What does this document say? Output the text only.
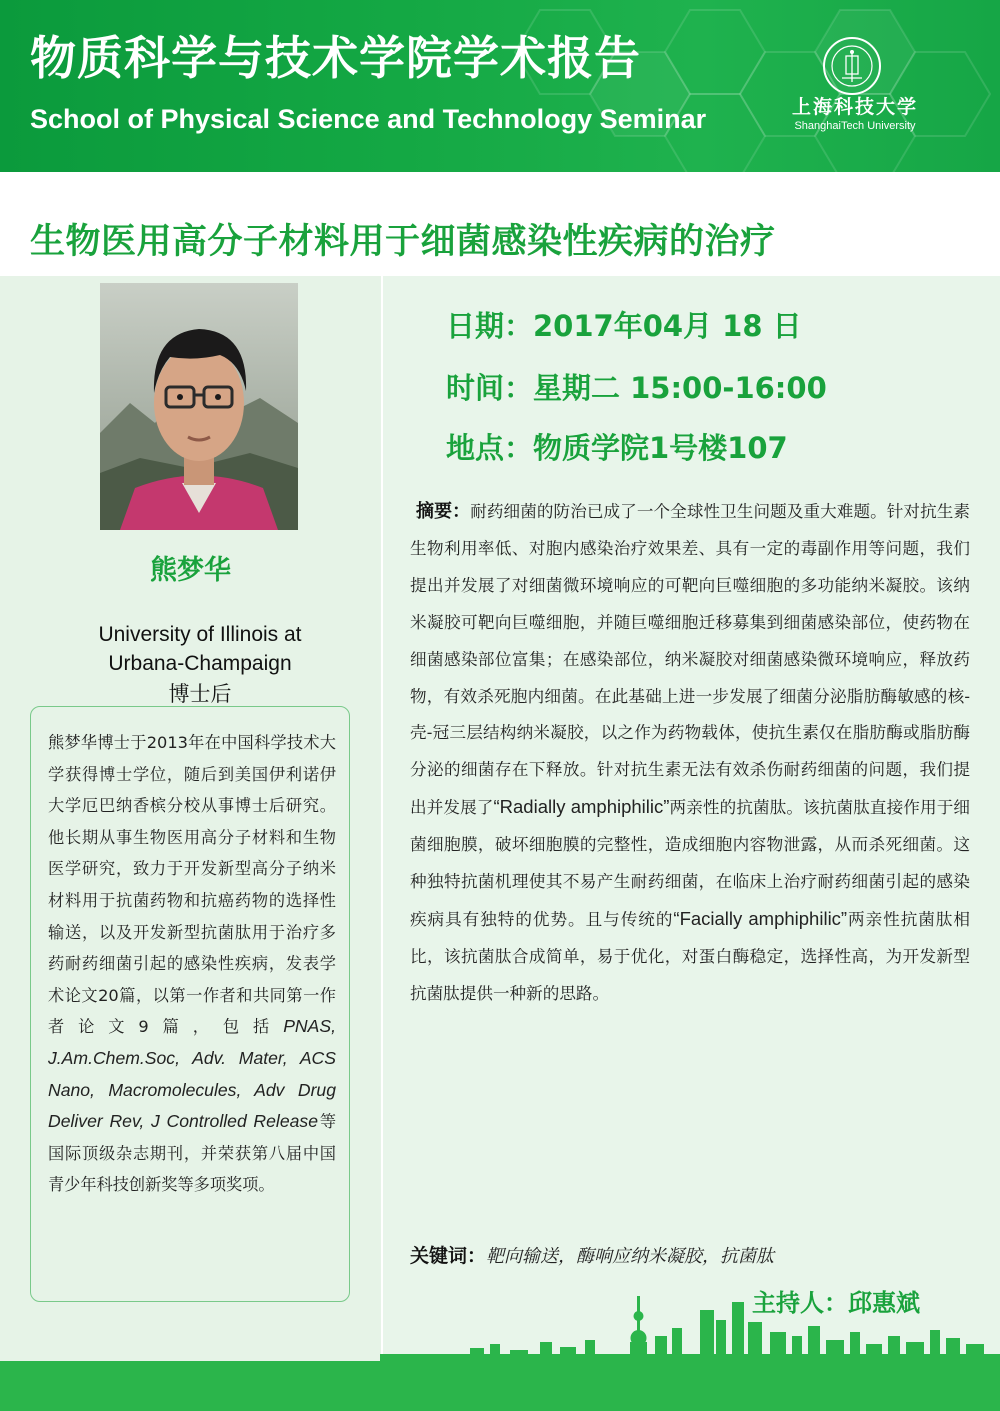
物质科学与技术学院学术报告
School of Physical Science and Technology Seminar	上海科技大学
ShanghaiTech University
生物医用高分子材料用于细菌感染性疾病的治疗
熊梦华
University of Illinois at
Urbana-Champaign
博士后
熊梦华博士于2013年在中国科学技术大学获得博士学位，随后到美国伊利诺伊大学厄巴纳香槟分校从事博士后研究。他长期从事生物医用高分子材料和生物医学研究，致力于开发新型高分子纳米材料用于抗菌药物和抗癌药物的选择性输送，以及开发新型抗菌肽用于治疗多药耐药细菌引起的感染性疾病，发表学术论文20篇，以第一作者和共同第一作者论文9篇，包括PNAS, J.Am.Chem.Soc, Adv. Mater, ACS Nano, Macromolecules, Adv Drug Deliver Rev, J Controlled Release等国际顶级杂志期刊，并荣获第八届中国青少年科技创新奖等多项奖项。
日期：2017年04月 18 日
时间：星期二 15:00-16:00
地点：物质学院1号楼107
摘要：耐药细菌的防治已成了一个全球性卫生问题及重大难题。针对抗生素生物利用率低、对胞内感染治疗效果差、具有一定的毒副作用等问题，我们提出并发展了对细菌微环境响应的可靶向巨噬细胞的多功能纳米凝胶。该纳米凝胶可靶向巨噬细胞，并随巨噬细胞迁移募集到细菌感染部位，使药物在细菌感染部位富集；在感染部位，纳米凝胶对细菌感染微环境响应，释放药物，有效杀死胞内细菌。在此基础上进一步发展了细菌分泌脂肪酶敏感的核-壳-冠三层结构纳米凝胶，以之作为药物载体，使抗生素仅在脂肪酶或脂肪酶分泌的细菌存在下释放。针对抗生素无法有效杀伤耐药细菌的问题，我们提出并发展了“Radially amphiphilic”两亲性的抗菌肽。该抗菌肽直接作用于细菌细胞膜，破坏细胞膜的完整性，造成细胞内容物泄露，从而杀死细菌。这种独特抗菌机理使其不易产生耐药细菌，在临床上治疗耐药细菌引起的感染疾病具有独特的优势。且与传统的“Facially amphiphilic”两亲性抗菌肽相比，该抗菌肽合成简单，易于优化，对蛋白酶稳定，选择性高，为开发新型抗菌肽提供一种新的思路。
关键词：靶向输送，酶响应纳米凝胶，抗菌肽
主持人：邱惠斌
